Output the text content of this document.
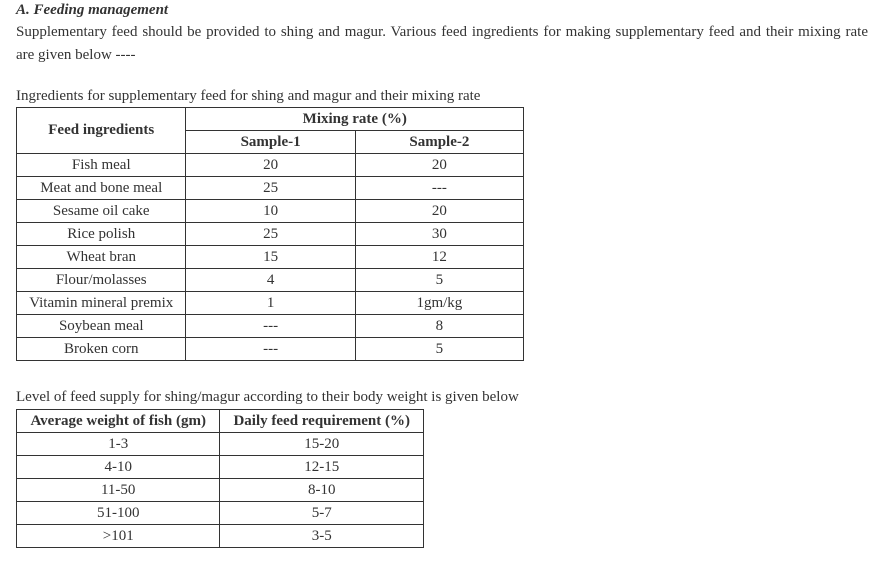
A. Feeding management

Supplementary feed should be provided to shing and magur. Various feed ingredients for making supplementary feed and their mixing rate are given below ----

Ingredients for supplementary feed for shing and magur and their mixing rate

Feed ingredients	Mixing rate (%)	
	Sample-1	Sample-2
Fish meal	20	20
Meat and bone meal	25	---
Sesame oil cake	10	20
Rice polish	25	30
Wheat bran	15	12
Flour/molasses	4	5
Vitamin mineral premix	1	1gm/kg
Soybean meal	---	8
Broken corn	---	5

Level of feed supply for shing/magur according to their body weight is given below

Average weight of fish (gm)	Daily feed requirement (%)
1-3	15-20
4-10	12-15
11-50	8-10
51-100	5-7
>101	3-5
